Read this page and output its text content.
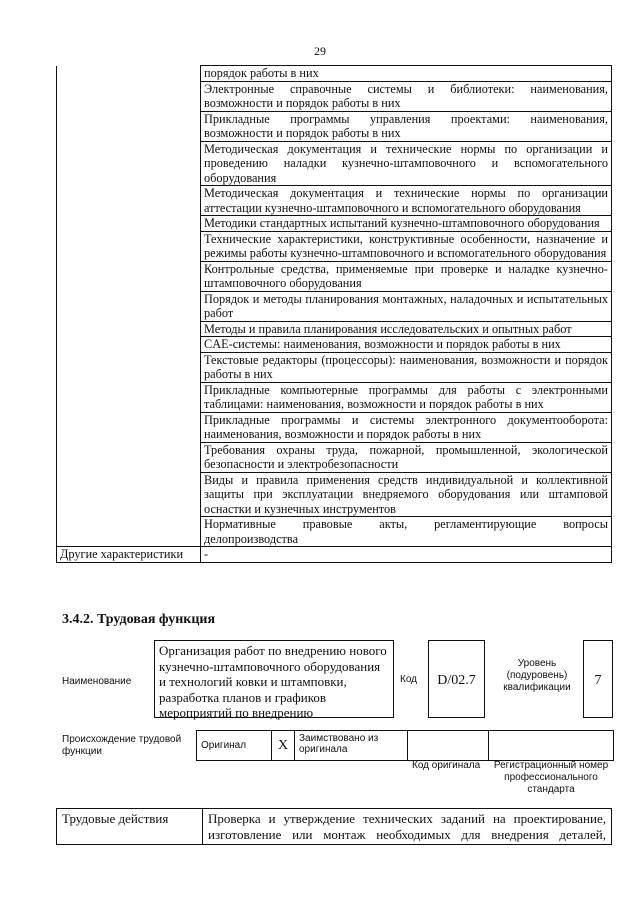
29
	порядок работы в них
	Электронные справочные системы и библиотеки: наименования, возможности и порядок работы в них
	Прикладные программы управления проектами: наименования, возможности и порядок работы в них
	Методическая документация и технические нормы по организации и проведению наладки кузнечно-штамповочного и вспомогательного оборудования
	Методическая документация и технические нормы по организации аттестации кузнечно-штамповочного и вспомогательного оборудования
	Методики стандартных испытаний кузнечно-штамповочного оборудования
	Технические характеристики, конструктивные особенности, назначение и режимы работы кузнечно-штамповочного и вспомогательного оборудования
	Контрольные средства, применяемые при проверке и наладке кузнечно-штамповочного оборудования
	Порядок и методы планирования монтажных, наладочных и испытательных работ
	Методы и правила планирования исследовательских и опытных работ
	CAE-системы: наименования, возможности и порядок работы в них
	Текстовые редакторы (процессоры): наименования, возможности и порядок работы в них
	Прикладные компьютерные программы для работы с электронными таблицами: наименования, возможности и порядок работы в них
	Прикладные программы и системы электронного документооборота: наименования, возможности и порядок работы в них
	Требования охраны труда, пожарной, промышленной, экологической безопасности и электробезопасности
	Виды и правила применения средств индивидуальной и коллективной защиты при эксплуатации внедряемого оборудования или штамповой оснастки и кузнечных инструментов
	Нормативные правовые акты, регламентирующие вопросы делопроизводства
Другие характеристики	-
3.4.2. Трудовая функция
Наименование
Организация работ по внедрению нового кузнечно-штамповочного оборудования и технологий ковки и штамповки, разработка планов и графиков мероприятий по внедрению
Код	D/02.7
Уровень (подуровень) квалификации	7
Происхождение трудовой функции
Оригинал	X	Заимствовано из оригинала		
Код оригинала	Регистрационный номер профессионального стандарта
Трудовые действия	Проверка и утверждение технических заданий на проектирование, изготовление или монтаж необходимых для внедрения деталей,
